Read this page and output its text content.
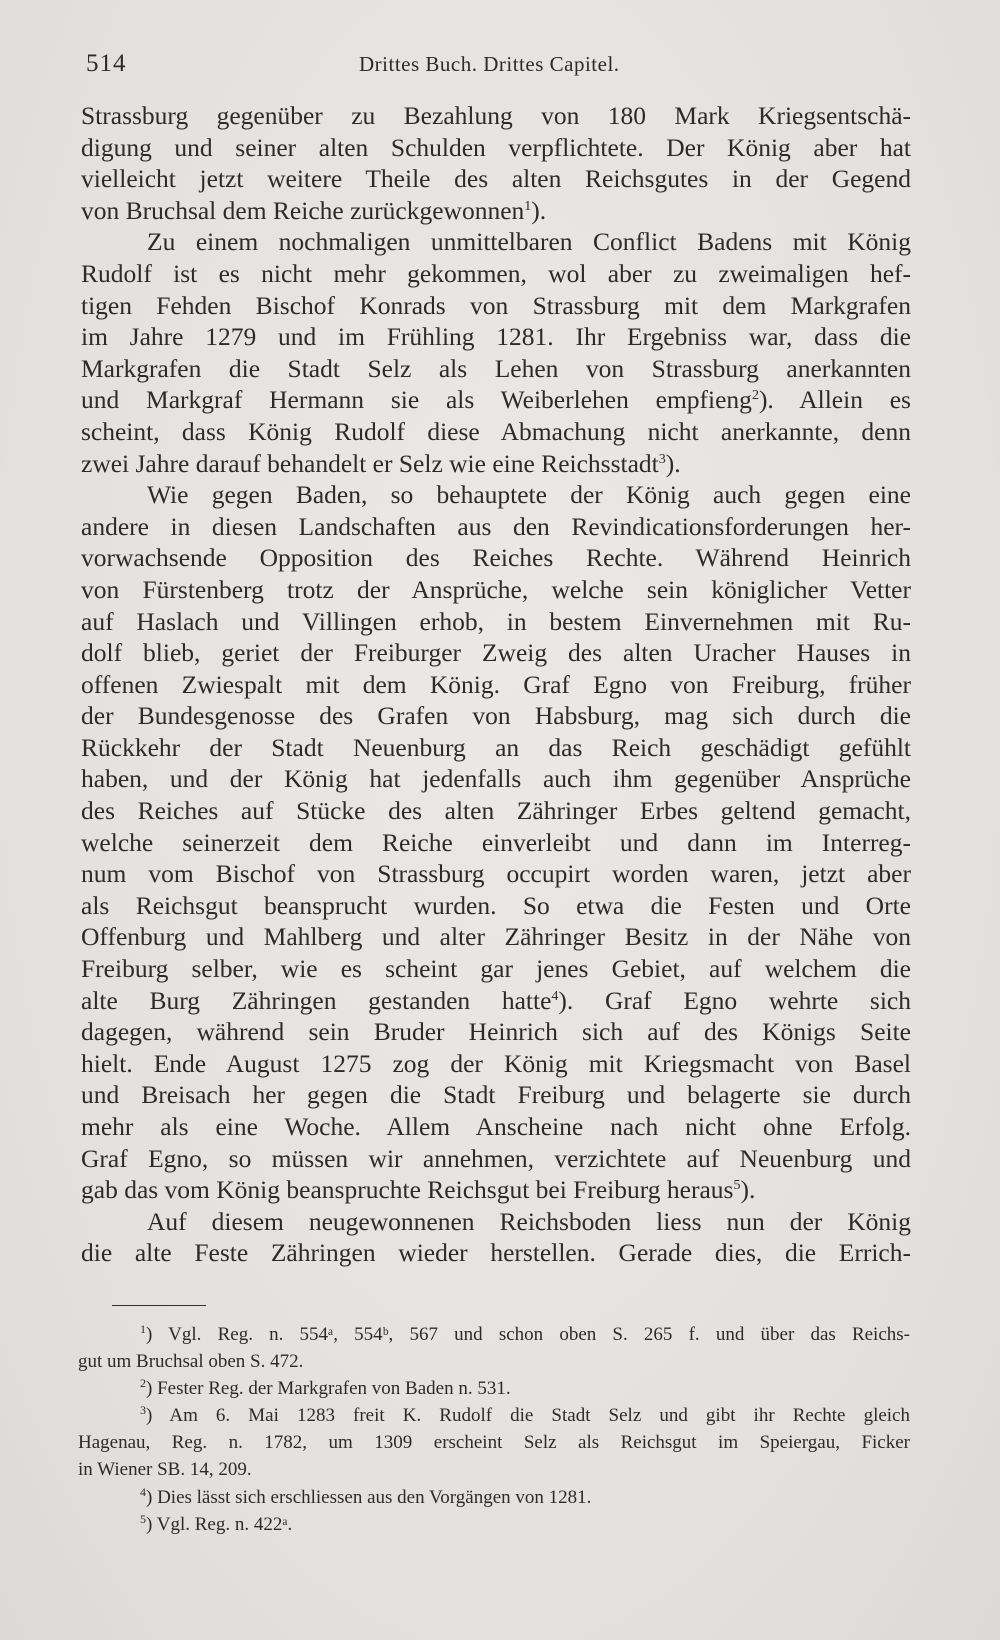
514	Drittes Buch. Drittes Capitel.
Strassburg gegenüber zu Bezahlung von 180 Mark Kriegsentschä-
digung und seiner alten Schulden verpflichtete. Der König aber hat
vielleicht jetzt weitere Theile des alten Reichsgutes in der Gegend
von Bruchsal dem Reiche zurückgewonnen$^1$).
Zu einem nochmaligen unmittelbaren Conflict Badens mit König
Rudolf ist es nicht mehr gekommen, wol aber zu zweimaligen hef-
tigen Fehden Bischof Konrads von Strassburg mit dem Markgrafen
im Jahre 1279 und im Frühling 1281. Ihr Ergebniss war, dass die
Markgrafen die Stadt Selz als Lehen von Strassburg anerkannten
und Markgraf Hermann sie als Weiberlehen empfieng$^2$). Allein es
scheint, dass König Rudolf diese Abmachung nicht anerkannte, denn
zwei Jahre darauf behandelt er Selz wie eine Reichsstadt$^3$).
Wie gegen Baden, so behauptete der König auch gegen eine
andere in diesen Landschaften aus den Revindicationsforderungen her-
vorwachsende Opposition des Reiches Rechte. Während Heinrich
von Fürstenberg trotz der Ansprüche, welche sein königlicher Vetter
auf Haslach und Villingen erhob, in bestem Einvernehmen mit Ru-
dolf blieb, geriet der Freiburger Zweig des alten Uracher Hauses in
offenen Zwiespalt mit dem König. Graf Egno von Freiburg, früher
der Bundesgenosse des Grafen von Habsburg, mag sich durch die
Rückkehr der Stadt Neuenburg an das Reich geschädigt gefühlt
haben, und der König hat jedenfalls auch ihm gegenüber Ansprüche
des Reiches auf Stücke des alten Zähringer Erbes geltend gemacht,
welche seinerzeit dem Reiche einverleibt und dann im Interreg-
num vom Bischof von Strassburg occupirt worden waren, jetzt aber
als Reichsgut beansprucht wurden. So etwa die Festen und Orte
Offenburg und Mahlberg und alter Zähringer Besitz in der Nähe von
Freiburg selber, wie es scheint gar jenes Gebiet, auf welchem die
alte Burg Zähringen gestanden hatte$^4$). Graf Egno wehrte sich
dagegen, während sein Bruder Heinrich sich auf des Königs Seite
hielt. Ende August 1275 zog der König mit Kriegsmacht von Basel
und Breisach her gegen die Stadt Freiburg und belagerte sie durch
mehr als eine Woche. Allem Anscheine nach nicht ohne Erfolg.
Graf Egno, so müssen wir annehmen, verzichtete auf Neuenburg und
gab das vom König beanspruchte Reichsgut bei Freiburg heraus$^5$).
Auf diesem neugewonnenen Reichsboden liess nun der König
die alte Feste Zähringen wieder herstellen. Gerade dies, die Errich-
$^1$) Vgl. Reg. n. 554ᵃ, 554ᵇ, 567 und schon oben S. 265 f. und über das Reichs-
gut um Bruchsal oben S. 472.
$^2$) Fester Reg. der Markgrafen von Baden n. 531.
$^3$) Am 6. Mai 1283 freit K. Rudolf die Stadt Selz und gibt ihr Rechte gleich
Hagenau, Reg. n. 1782, um 1309 erscheint Selz als Reichsgut im Speiergau, Ficker
in Wiener SB. 14, 209.
$^4$) Dies lässt sich erschliessen aus den Vorgängen von 1281.
$^5$) Vgl. Reg. n. 422ᵃ.
